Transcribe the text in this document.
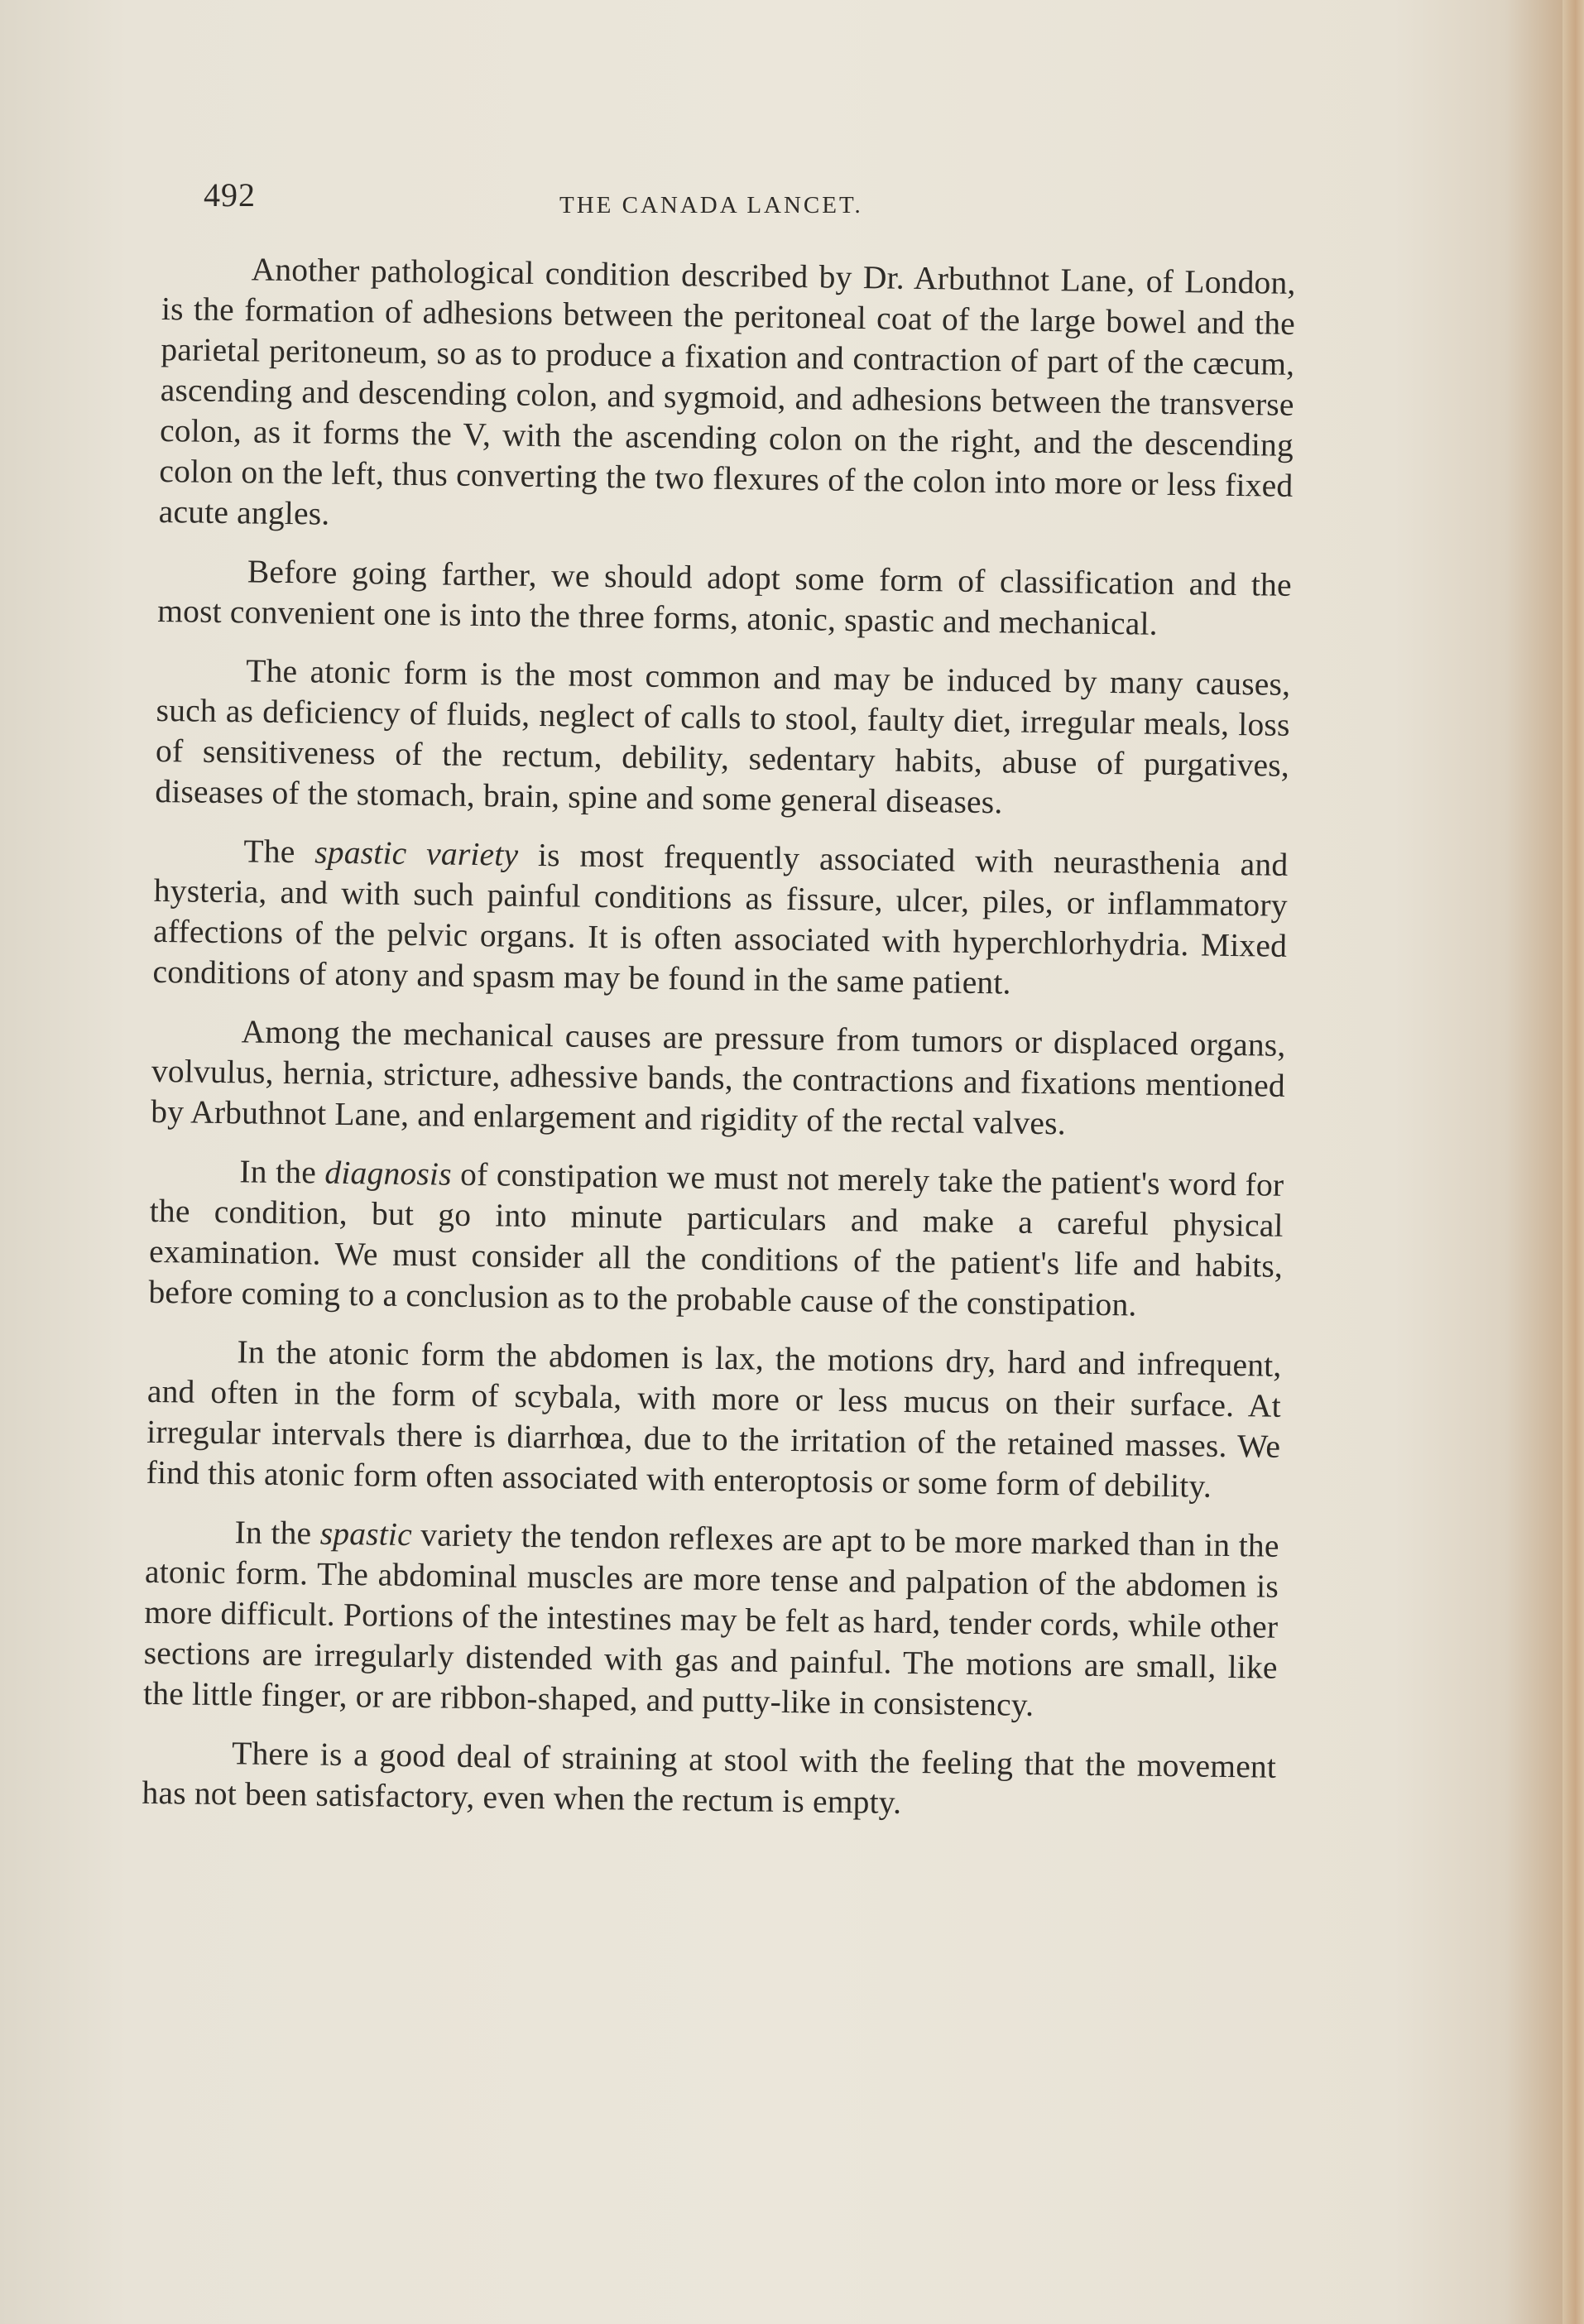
492	THE CANADA LANCET.

Another pathological condition described by Dr. Arbuthnot Lane, of London, is the formation of adhesions between the peritoneal coat of the large bowel and the parietal peritoneum, so as to produce a fixation and contraction of part of the cæcum, ascending and descending colon, and sygmoid, and adhesions between the transverse colon, as it forms the V, with the ascending colon on the right, and the descending colon on the left, thus converting the two flexures of the colon into more or less fixed acute angles.

Before going farther, we should adopt some form of classification and the most convenient one is into the three forms, atonic, spastic and mechanical.

The atonic form is the most common and may be induced by many causes, such as deficiency of fluids, neglect of calls to stool, faulty diet, irregular meals, loss of sensitiveness of the rectum, debility, sedentary habits, abuse of purgatives, diseases of the stomach, brain, spine and some general diseases.

The spastic variety is most frequently associated with neurasthenia and hysteria, and with such painful conditions as fissure, ulcer, piles, or inflammatory affections of the pelvic organs. It is often associated with hyperchlorhydria. Mixed conditions of atony and spasm may be found in the same patient.

Among the mechanical causes are pressure from tumors or displaced organs, volvulus, hernia, stricture, adhessive bands, the contractions and fixations mentioned by Arbuthnot Lane, and enlargement and rigidity of the rectal valves.

In the diagnosis of constipation we must not merely take the patient's word for the condition, but go into minute particulars and make a careful physical examination. We must consider all the conditions of the patient's life and habits, before coming to a conclusion as to the probable cause of the constipation.

In the atonic form the abdomen is lax, the motions dry, hard and infrequent, and often in the form of scybala, with more or less mucus on their surface. At irregular intervals there is diarrhœa, due to the irritation of the retained masses. We find this atonic form often associated with enteroptosis or some form of debility.

In the spastic variety the tendon reflexes are apt to be more marked than in the atonic form. The abdominal muscles are more tense and palpation of the abdomen is more difficult. Portions of the intestines may be felt as hard, tender cords, while other sections are irregularly distended with gas and painful. The motions are small, like the little finger, or are ribbon-shaped, and putty-like in consistency.

There is a good deal of straining at stool with the feeling that the movement has not been satisfactory, even when the rectum is empty.
